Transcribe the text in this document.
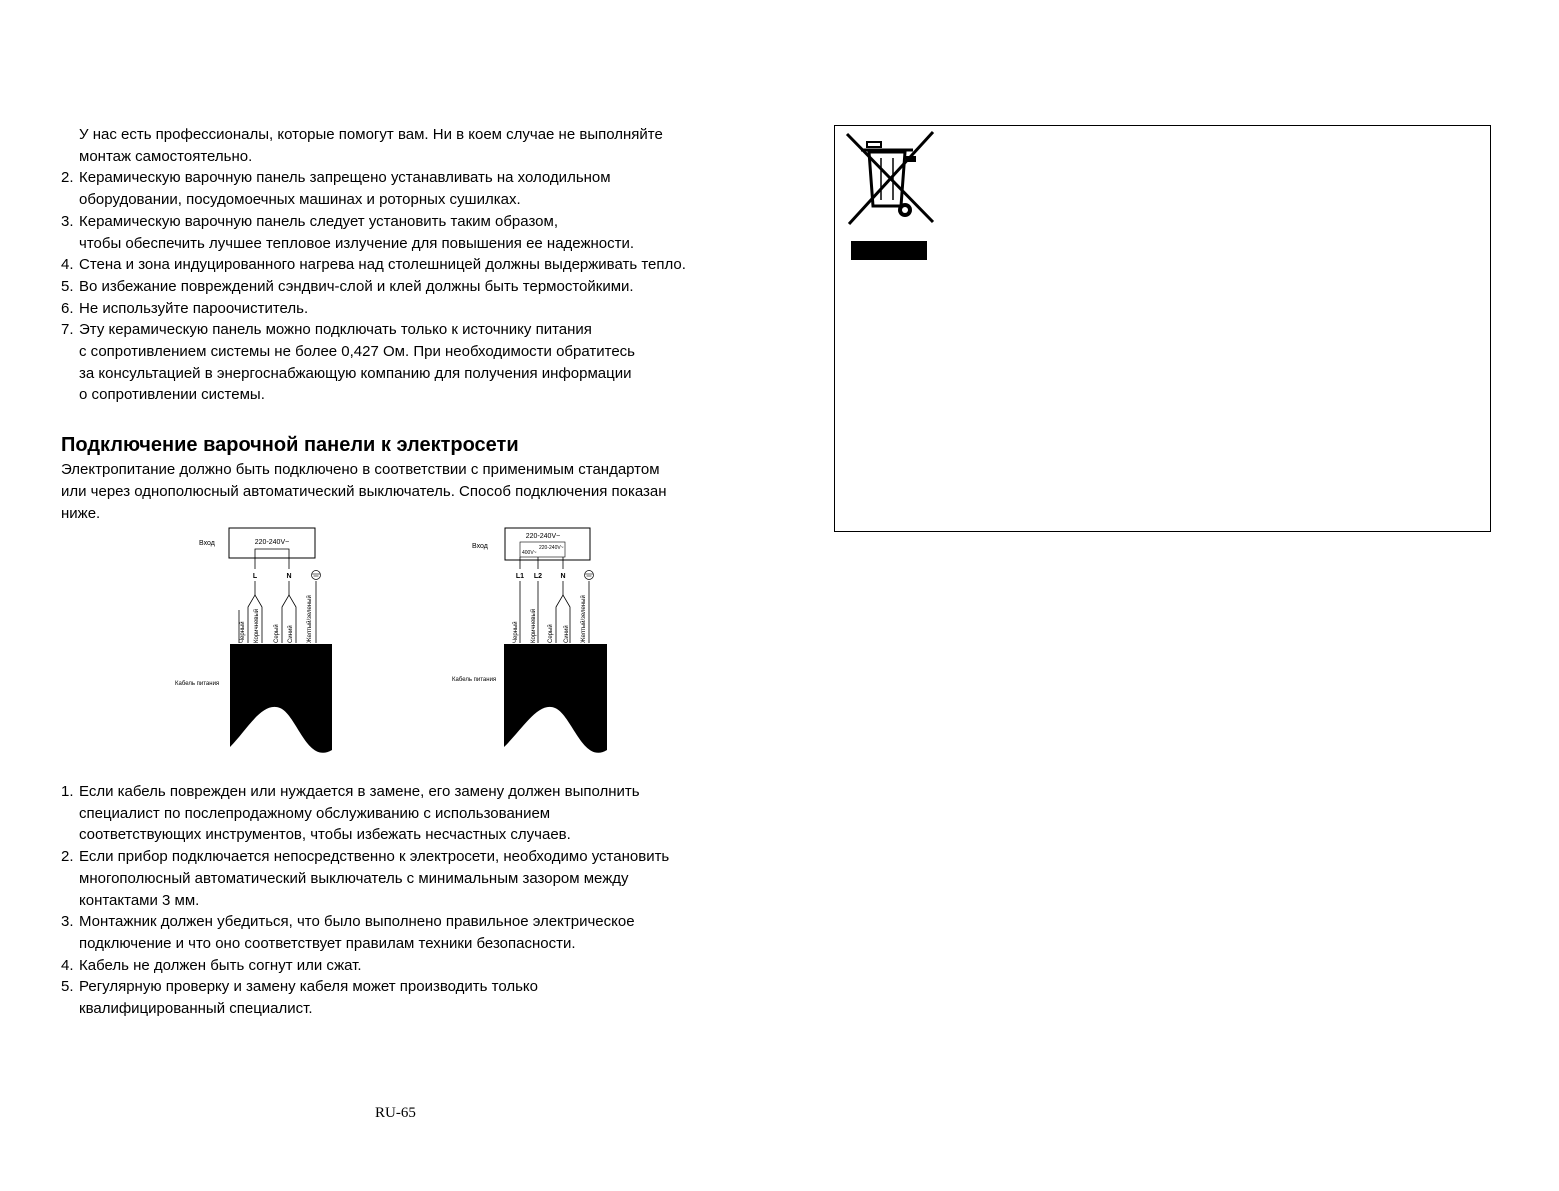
У нас есть профессионалы, которые помогут вам. Ни в коем случае не выполняйте
монтаж самостоятельно.
2. Керамическую варочную панель запрещено устанавливать на холодильном
оборудовании, посудомоечных машинах и роторных сушилках.
3. Керамическую варочную панель следует установить таким образом,
чтобы обеспечить лучшее тепловое излучение для повышения ее надежности.
4. Стена и зона индуцированного нагрева над столешницей должны выдерживать тепло.
5. Во избежание повреждений сэндвич-слой и клей должны быть термостойкими.
6. Не используйте пароочиститель.
7. Эту керамическую панель можно подключать только к источнику питания
с сопротивлением системы не более 0,427 Ом. При необходимости обратитесь
за консультацией в энергоснабжающую компанию для получения информации
о сопротивлении системы.
Подключение варочной панели к электросети
Электропитание должно быть подключено в соответствии с применимым стандартом
или через однополюсный автоматический выключатель. Способ подключения показан
ниже.
Вход	220-240V~
L	N
Черный Коричневый Серый Синий Желтый/зеленый
Кабель питания
Вход
220-240V~
400V~
220-240V~
L1 L2	N
Черный Коричневый Серый Синий Желтый/зеленый
Кабель питания
1. Если кабель поврежден или нуждается в замене, его замену должен выполнить
специалист по послепродажному обслуживанию с использованием
соответствующих инструментов, чтобы избежать несчастных случаев.
2. Если прибор подключается непосредственно к электросети, необходимо установить
многополюсный автоматический выключатель с минимальным зазором между
контактами 3 мм.
3. Монтажник должен убедиться, что было выполнено правильное электрическое
подключение и что оно соответствует правилам техники безопасности.
4. Кабель не должен быть согнут или сжат.
5. Регулярную проверку и замену кабеля может производить только
квалифицированный специалист.
RU-65
